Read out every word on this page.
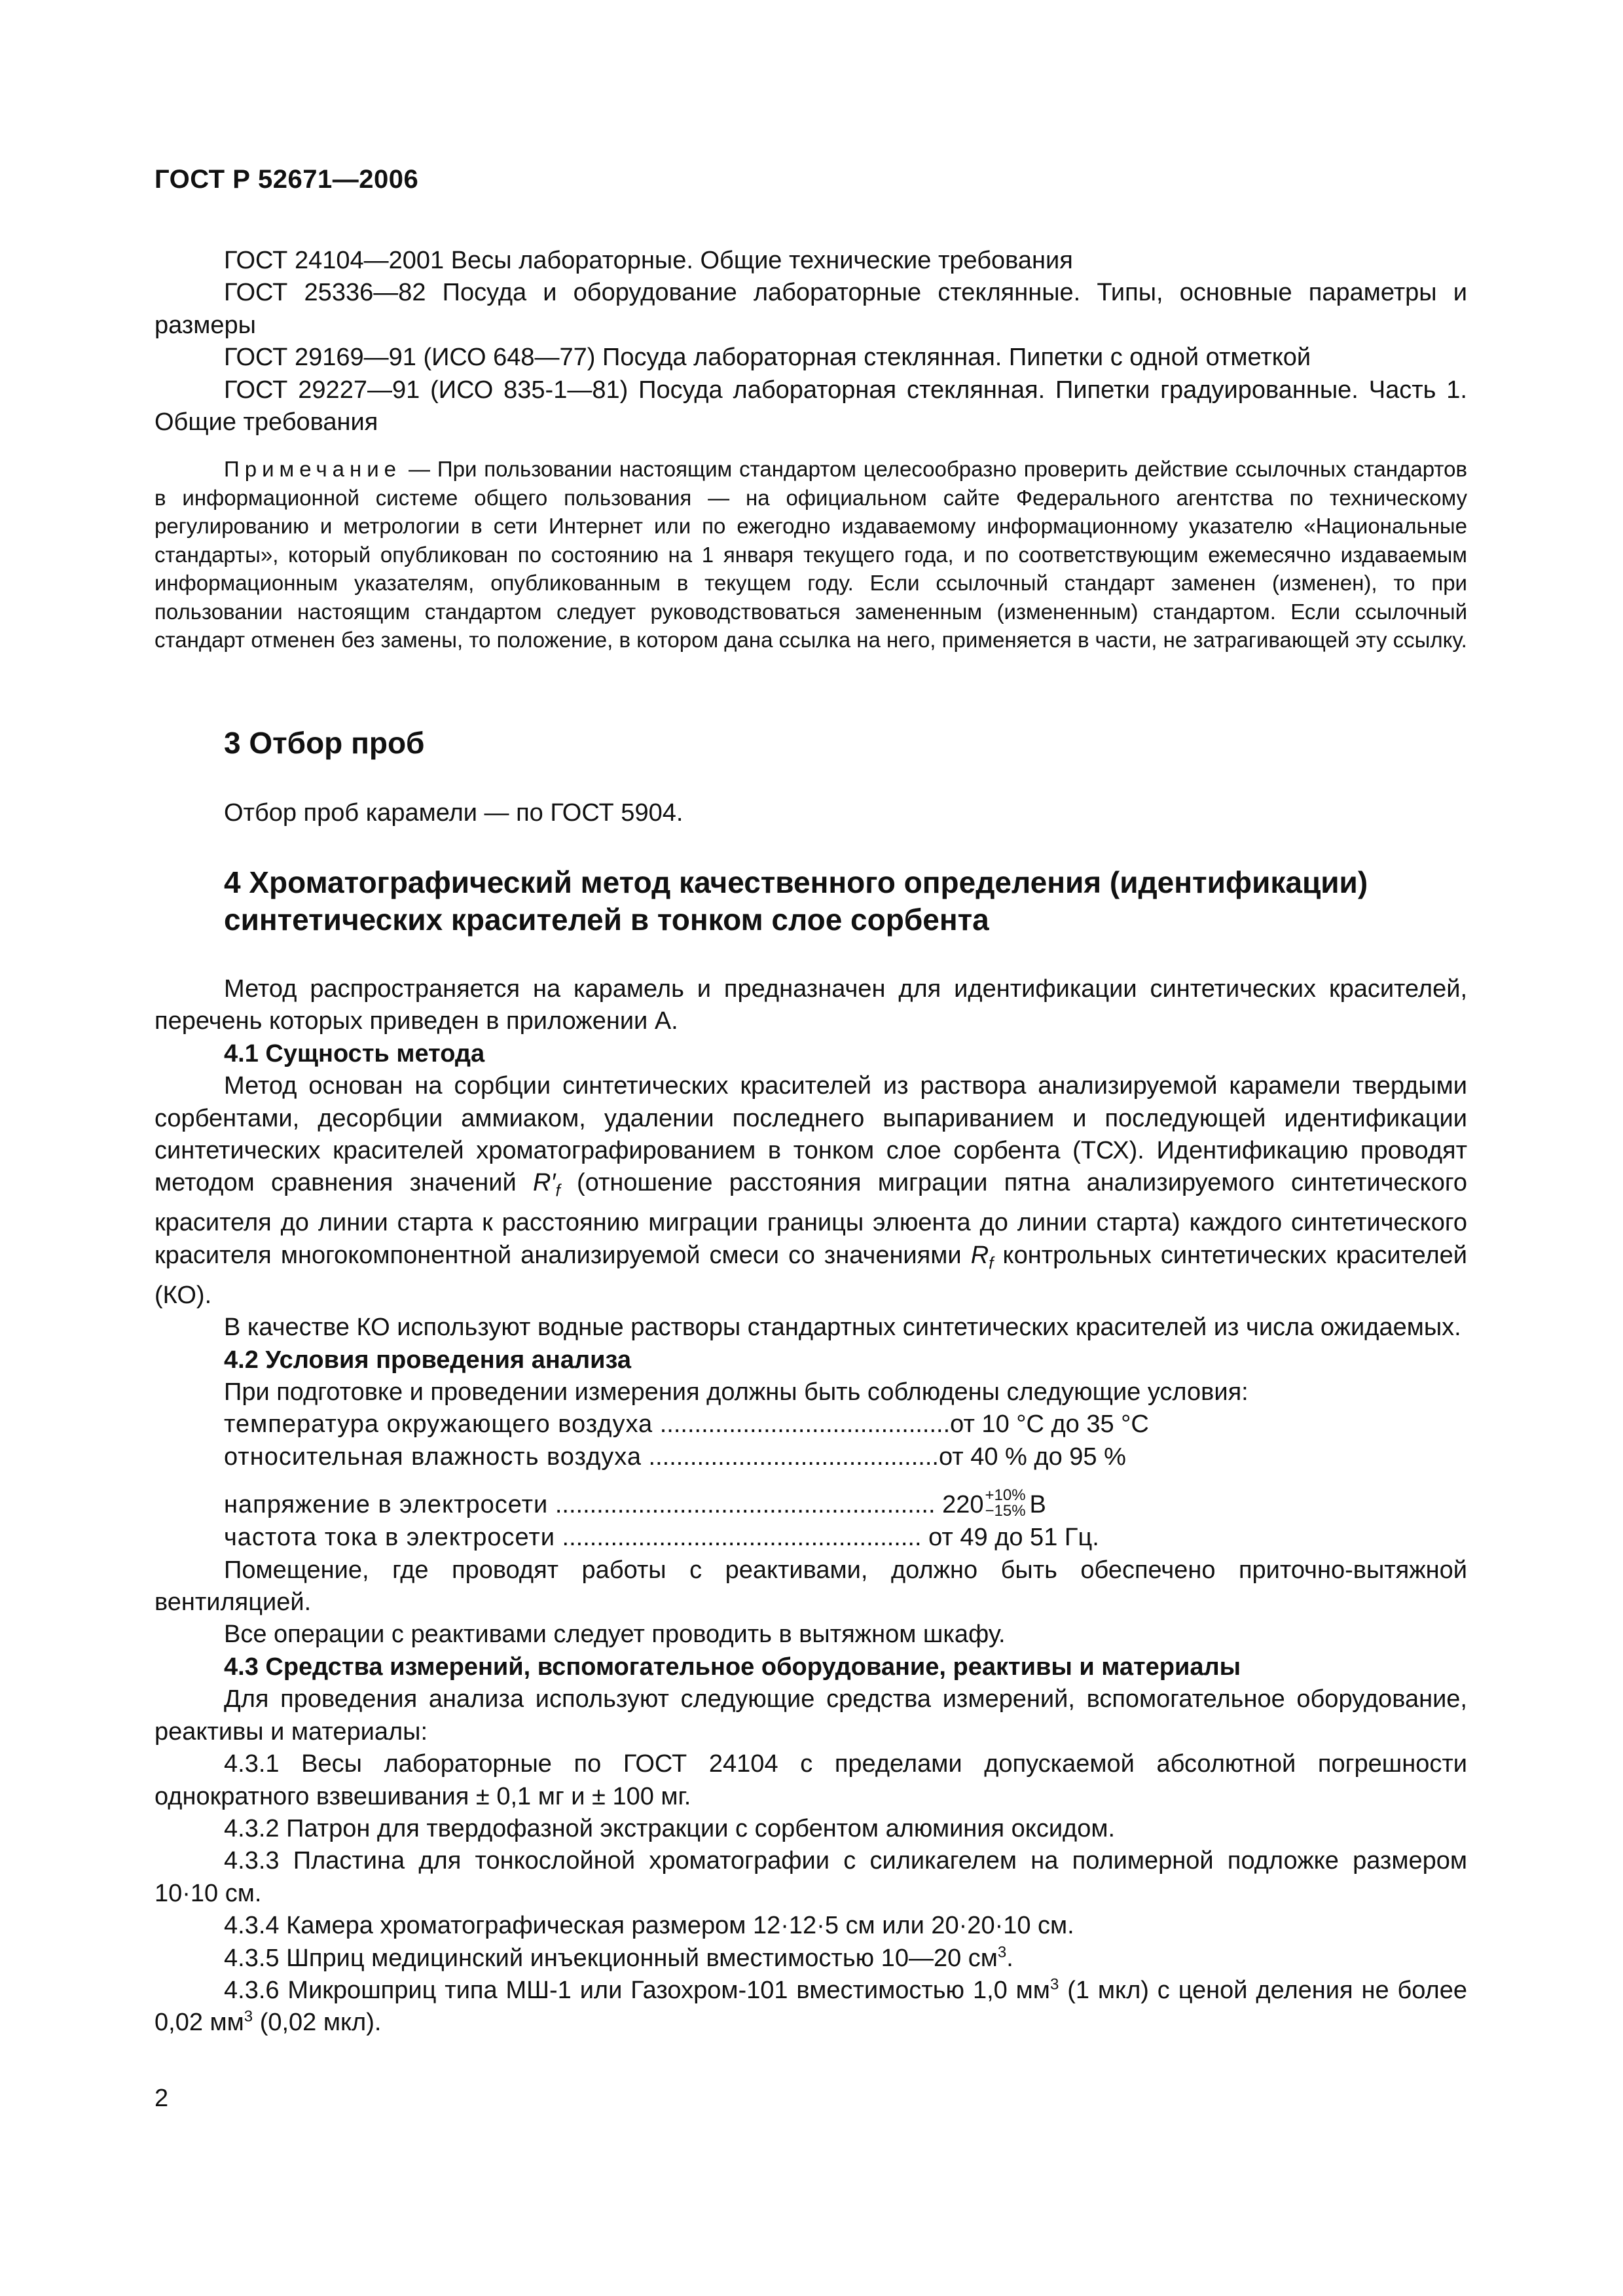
ГОСТ Р 52671—2006

ГОСТ 24104—2001 Весы лабораторные. Общие технические требования

ГОСТ 25336—82 Посуда и оборудование лабораторные стеклянные. Типы, основные параметры и размеры

ГОСТ 29169—91 (ИСО 648—77) Посуда лабораторная стеклянная. Пипетки с одной отметкой

ГОСТ 29227—91 (ИСО 835-1—81) Посуда лабораторная стеклянная. Пипетки градуированные. Часть 1. Общие требования

Примечание — При пользовании настоящим стандартом целесообразно проверить действие ссылочных стандартов в информационной системе общего пользования — на официальном сайте Федерального агентства по техническому регулированию и метрологии в сети Интернет или по ежегодно издаваемому информационному указателю «Национальные стандарты», который опубликован по состоянию на 1 января текущего года, и по соответствующим ежемесячно издаваемым информационным указателям, опубликованным в текущем году. Если ссылочный стандарт заменен (изменен), то при пользовании настоящим стандартом следует руководствоваться замененным (измененным) стандартом. Если ссылочный стандарт отменен без замены, то положение, в котором дана ссылка на него, применяется в части, не затрагивающей эту ссылку.

3 Отбор проб

Отбор проб карамели — по ГОСТ 5904.

4 Хроматографический метод качественного определения (идентификации)
синтетических красителей в тонком слое сорбента

Метод распространяется на карамель и предназначен для идентификации синтетических красителей, перечень которых приведен в приложении А.

4.1 Сущность метода

Метод основан на сорбции синтетических красителей из раствора анализируемой карамели твердыми сорбентами, десорбции аммиаком, удалении последнего выпариванием и последующей идентификации синтетических красителей хроматографированием в тонком слое сорбента (ТСХ). Идентификацию проводят методом сравнения значений $R'_f$ (отношение расстояния миграции пятна анализируемого синтетического красителя до линии старта к расстоянию миграции границы элюента до линии старта) каждого синтетического красителя многокомпонентной анализируемой смеси со значениями $R_f$ контрольных синтетических красителей (КО).

В качестве КО используют водные растворы стандартных синтетических красителей из числа ожидаемых.

4.2 Условия проведения анализа

При подготовке и проведении измерения должны быть соблюдены следующие условия:

температура окружающего воздуха ..........................................от 10 °С до 35 °С

относительная влажность воздуха ..........................................от 40 % до 95 %

напряжение в электросети ....................................................... 220 +10%
−15% В

частота тока в электросети .................................................... от 49 до 51 Гц.

Помещение, где проводят работы с реактивами, должно быть обеспечено приточно-вытяжной вентиляцией.

Все операции с реактивами следует проводить в вытяжном шкафу.

4.3 Средства измерений, вспомогательное оборудование, реактивы и материалы

Для проведения анализа используют следующие средства измерений, вспомогательное оборудование, реактивы и материалы:

4.3.1 Весы лабораторные по ГОСТ 24104 с пределами допускаемой абсолютной погрешности однократного взвешивания ± 0,1 мг и ± 100 мг.

4.3.2 Патрон для твердофазной экстракции с сорбентом алюминия оксидом.

4.3.3 Пластина для тонкослойной хроматографии с силикагелем на полимерной подложке размером 10·10 см.

4.3.4 Камера хроматографическая размером 12·12·5 см или 20·20·10 см.

4.3.5 Шприц медицинский инъекционный вместимостью 10—20 $см^3$.

4.3.6 Микрошприц типа МШ-1 или Газохром-101 вместимостью 1,0 $мм^3$ (1 мкл) с ценой деления не более 0,02 $мм^3$ (0,02 мкл).

2
